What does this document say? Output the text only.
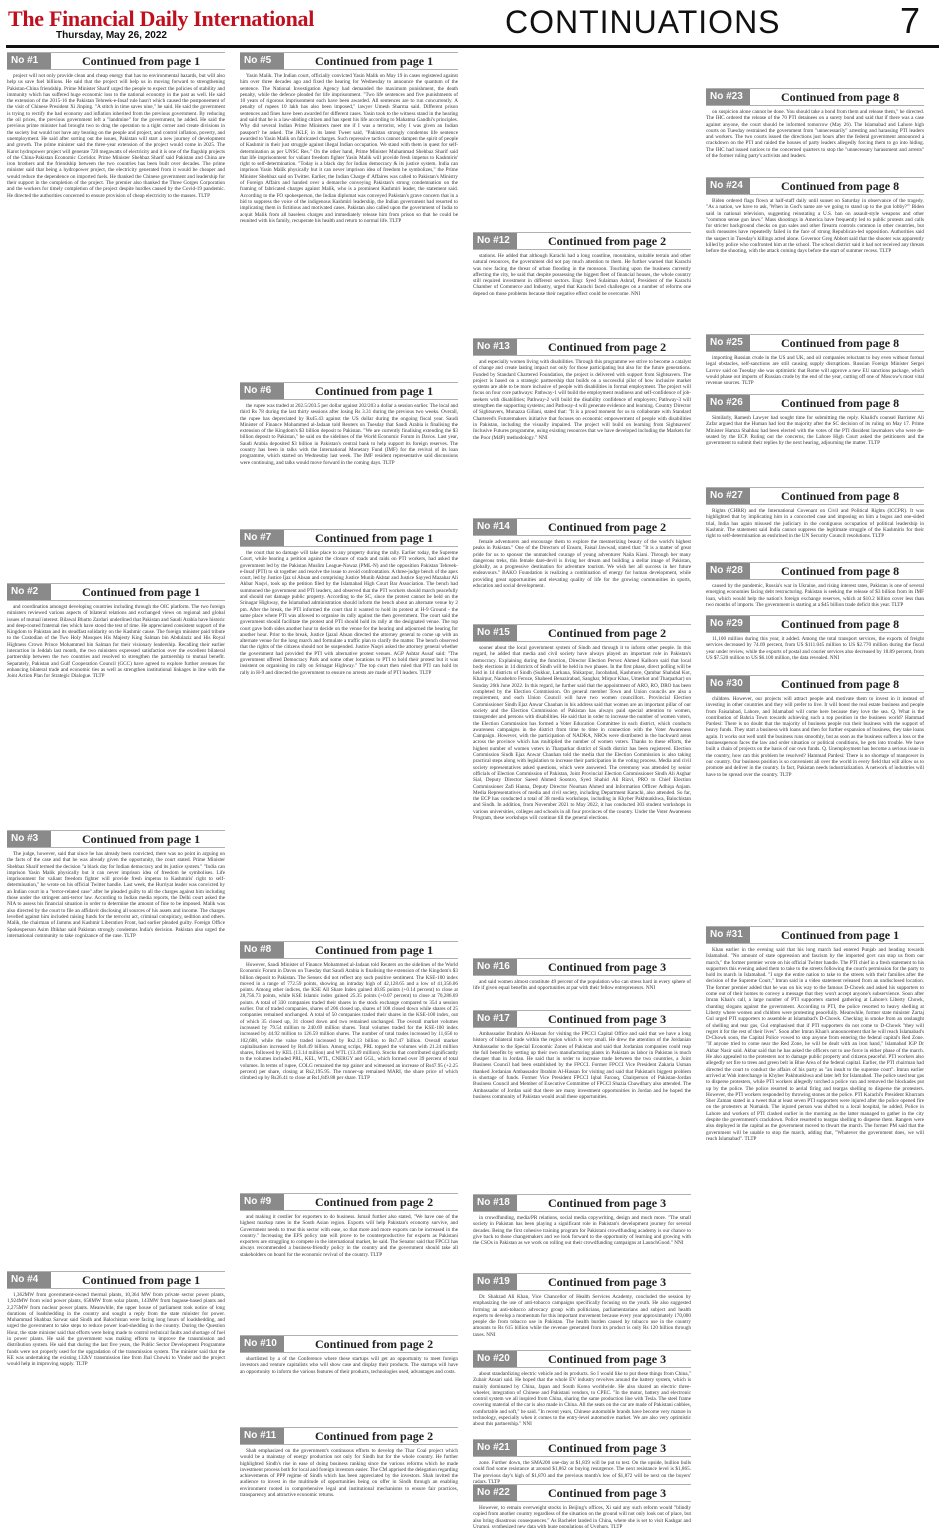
The Financial Daily International
Thursday, May 26, 2022	CONTINUATIONS	7
No #1	Continued from page 1
project will not only provide clean and cheap energy that has no environmental hazards, but will also help us save fuel billions. He said that the project will help us in moving forward to strengthening Pakistan-China friendship. Prime Minister Sharif urged the people to expect the policies of stability and immunity which has suffered huge economic loss to the national economy in the past as well. He said the extension of the 2015-16 the Pakistan Tehreek-e-Insaf rule hasn't which caused the postponement of the visit of Chinese President Xi Jinping. "A stitch in time saves nine," he said. He said the government is trying to rectify the bad economy and inflation inherited from the previous government. By reducing the oil prices, the previous government left a "landmine" for the government, he added. He said the previous prime minister had brought two to drag the operation to a tight corner and create divisions in the society but would not have any bearing on the people and project, and control inflation, poverty, and unemployment. He said after sorting out the issues, Pakistan will start a new journey of development and growth. The prime minister said the three-year extension of the project would come in 2025. The Karot hydropower project will generate 720 megawatts of electricity and it is one of the flagship projects of the China-Pakistan Economic Corridor. Prime Minister Shehbaz Sharif said Pakistan and China are iron brothers and the friendship between the two countries has been built over decades. The prime minister said that being a hydropower project, the electricity generated from it would be cheaper and would reduce the dependence on imported fuels. He thanked the Chinese government and leadership for their support in the completion of the project. The premier also thanked the Three Gorges Corporation and the workers for timely completion of the project despite hurdles caused by the Covid-19 pandemic. He directed the authorities concerned to ensure provision of cheap electricity to the masses. TLTP
No #2	Continued from page 1
and coordination amongst developing countries including through the OIC platform. The two foreign ministers reviewed various aspects of bilateral relations and exchanged views on regional and global issues of mutual interest. Bilawal Bhutto Zardari underlined that Pakistan and Saudi Arabia have historic and deep-rooted fraternal ties which have stood the test of time. He appreciated consistent support of the Kingdom to Pakistan and its steadfast solidarity on the Kashmir cause. The foreign minister paid tribute to the Custodian of the Two Holy Mosques His Majesty King Salman bin Abdulaziz and His Royal Highness Crown Prince Mohammed bin Salman for their visionary leadership. Recalling their earlier interaction in Jeddah last month, the two ministers expressed satisfaction over the excellent bilateral partnership between the two countries and resolved to strengthen the partnership to mutual benefit. Separately, Pakistan and Gulf Cooperation Council (GCC) have agreed to explore further avenues for enhancing bilateral trade and economic ties as well as strengthen institutional linkages in line with the Joint Action Plan for Strategic Dialogue. TLTP
No #3	Continued from page 1
The judge, however, said that since he has already been convicted, there was no point in arguing on the facts of the case and that he was already given the opportunity, the court stated. Prime Minister Shehbaz Sharif termed the decision "a black day for Indian democracy and its justice system." "India can imprison Yasin Malik physically but it can never imprison idea of freedom he symbolises. Life imprisonment for valiant freedom fighter will provide fresh impetus to Kashmiris' right to self-determination," he wrote on his official Twitter handle. Last week, the Hurriyat leader was convicted by an Indian court in a "terror-related case" after he pleaded guilty to all the charges against him including those under the stringent anti-terror law. According to Indian media reports, the Delhi court asked the NIA to assess his financial situation in order to determine the amount of fine to be imposed. Malik was also directed by the court to file an affidavit disclosing all sources of his assets and income. The charges levelled against him included raising funds for the terrorist act, criminal conspiracy, sedition and others. Malik, the chairman of Jammu and Kashmir Liberation Front, had earlier pleaded guilty. Foreign Office Spokesperson Asim Iftikhar said Pakistan strongly condemns India's decision. Pakistan also urged the international community to take cognizance of the case. TLTP
No #4	Continued from page 1
1,362MW from government-owned thermal plants, 10,364 MW from private sector power plants, 1,924MW from wind power plants, 658MW from solar plants, 143MW from bagasse-based plants and 2,275MW from nuclear power plants. Meanwhile, the upper house of parliament took notice of long durations of loadshedding in the country and sought a reply from the state minister for power. Muhammad Shahbaz Sarwar said Sindh and Balochistan were facing long hours of loadshedding, and urged the government to take steps to reduce power load-shedding in the country. During the Question Hour, the state minister said that efforts were being made to control technical faults and shortage of fuel in power plants. He said the government was making efforts to improve the transmission and distribution system. He said that during the last five years, the Public Sector Development Programme funds were not properly used for the upgradation of the transmission system. The minister said that the KE was undertaking the existing 132kV transmission line from Jhal Chowki to Vinder and the project would help in improving supply. TLTP
No #5	Continued from page 1
Yasin Malik. The Indian court, officially convicted Yasin Malik on May 19 in cases registered against him over three decades ago and fixed the hearing for Wednesday to announce the quantum of the sentence. The National Investigation Agency had demanded the maximum punishment, the death penalty, while the defence pleaded for life imprisonment. "Two life sentences and five punishments of 10 years of rigorous imprisonment each have been awarded. All sentences are to run concurrently. A penalty of rupees 10 lakh has also been imposed," lawyer Umesh Sharma said. Different prison sentences and fines have been awarded for different cases. Yasin took to the witness stand in the hearing and said that he is a law-abiding citizen and has spent his life according to Mahatma Gandhi's principles. Why did several Indian Prime Ministers meet me if I was a terrorist, why I was given an Indian passport? he asked. The JKLF, in its latest Tweet said, "Pakistan strongly condemns life sentence awarded to Yasin Malik on fabricated charges. Such repressive tactics cannot dampen the spirit of people of Kashmir in their just struggle against illegal Indian occupation. We stand with them in quest for self-determination as per UNSC Res." On the other hand, Prime Minister Muhammad Shehbaz Sharif said that life imprisonment for valiant freedom fighter Yasin Malik will provide fresh impetus to Kashmiris' right to self-determination. "Today is a black day for Indian democracy & its justice system. India can imprison Yasin Malik physically but it can never imprison idea of freedom he symbolizes," the Prime Minister Shehbaz said on Twitter. Earlier, the Indian Charge d' Affaires was called to Pakistan's Ministry of Foreign Affairs and handed over a demarche conveying Pakistan's strong condemnation on the framing of fabricated charges against Malik, who is a prominent Kashmiri leader, the statement said. According to the FO spokesperson, the Indian diplomat was conveyed Pakistan's grave concern that in a bid to suppress the voice of the indigenous Kashmiri leadership, the Indian government had resorted to implicating them in fictitious and motivated cases. Pakistan also called upon the government of India to acquit Malik from all baseless charges and immediately release him from prison so that he could be reunited with his family, recuperate his health and return to normal life. TLTP
No #6	Continued from page 1
the rupee was traded at 202.5/203.5 per dollar against 202/203 a dollar a session earlier. The local and third Rs 78 during the last thirty sessions after losing Rs 3.31 during the previous two weeks. Overall, the rupee has depreciated by Rs45.43 against the US dollar during the ongoing fiscal year. Saudi Minister of Finance Mohammed al-Jadaan told Reuters on Tuesday that Saudi Arabia is finalising the extension of the Kingdom's $3 billion deposit to Pakistan. "We are currently finalising extending the $3 billion deposit to Pakistan," he said on the sidelines of the World Economic Forum in Davos. Last year, Saudi Arabia deposited $3 billion in Pakistan's central bank to help support its foreign reserves. The country has been in talks with the International Monetary Fund (IMF) for the revival of its loan programme, which started on Wednesday last week. The IMF resident representative said discussions were continuing, and talks would move forward in the coming days. TLTP
No #7	Continued from page 1
the court that no damage will take place to any property during the rally. Earlier today, the Supreme Court, while hearing a petition against the closure of roads and raids on PTI workers, had asked the government led by the Pakistan Muslim League-Nawaz (PML-N) and the opposition Pakistan Tehreek-e-Insaf (PTI) to sit together and resolve the issue to avoid confrontation. A three-judge bench of the apex court, led by Justice Ijaz ul Ahsan and comprising Justice Munib Akhtar and Justice Sayyed Mazahar Ali Akbar Naqvi, took up the petition filed by the Islamabad High Court Bar Association. The bench had summoned the government and PTI leaders, and observed that the PTI workers should march peacefully and should not damage public property. According to the SC, since the protest cannot be held on the Srinagar Highway, the Islamabad administration should inform the bench about an alternate venue by 2 pm. After the break, the PTI informed the court that it wanted to hold its protest at H-9 Ground - the same place where PTI was allowed to organise its rally against the then government. The court said the government should facilitate the protest and PTI should hold its rally at the designated venue. The top court gave both sides another hour to decide on the venue for the hearing and adjourned the hearing for another hour. Prior to the break, Justice Ijazul Ahsan directed the attorney general to come up with an alternate venue for the long march and formulate a traffic plan to clarify the matter. The bench observed that the rights of the citizens should not be suspended. Justice Naqvi asked the attorney general whether the government had provided the PTI with alternative protest venues. AGP Ashtar Ausaf said: "The government offered Democracy Park and some other locations to PTI to hold their protest but it was insistent on organising its rally on Srinagar Highway." The top court then ruled that PTI can hold its rally in H-9 and directed the government to ensure no arrests are made of PTI leaders. TLTP
No #8	Continued from page 1
However, Saudi Minister of Finance Mohammed al-Jadaan told Reuters on the sidelines of the World Economic Forum in Davos on Tuesday that Saudi Arabia is finalising the extension of the Kingdom's $3 billion deposit to Pakistan. The Sensex did not reflect any such positive sentiment. The KSE-100 index moved in a range of 772.59 points, showing an intraday high of 42,128.65 and a low of 41,356.06 points. Among other indices, the KSE All Share Index gained 40.85 points (+0.14 percent) to close at 28,756.73 points, while KSE Islamic index gained 25.35 points (+0.07 percent) to close at 70,286.69 points. A total of 330 companies traded their shares in the stock exchange compared to 354 a session earlier. Out of traded companies, shares of 206 closed up, shares of 108 closed down while shares of 25 companies remained unchanged. A total of 50 companies traded their shares in the KSE-100 index, out of which 35 closed up, 31 closed down and two remained unchanged. The overall market volumes increased by 79.54 million to 240.69 million shares. Total volumes traded for the KSE-100 index increased by 44.92 million to 126.59 million shares. The number of total trades increased by 11,656 to 102,688, while the value traded increased by Rs2.13 billion to Rs7.47 billion. Overall market capitalisation increased by Rs8.49 billion. Among scrips, PRL topped the volumes with 21.24 million shares, followed by KEL (13.14 million) and WTL (13.49 million). Stocks that contributed significantly to the volumes included PRL, KEL, WTL, CNERGY and GGL, which formed over 39 percent of total volumes. In terms of rupee, COLG remained the top gainer and witnessed an increase of Rs47.95 (+2.25 percent) per share, closing at Rs2,195.95. The runner-up remained MARI, the share price of which climbed up by Rs26.41 to close at Rs1,849.88 per share. TLTP
No #9	Continued from page 2
and making it costlier for exporters to do business. Ismail further also stated, "We have one of the highest markup rates in the South Asian region. Exports will help Pakistan's economy survive, and Government needs to treat this sector with ease, so that more and more exports can be increased in the country." Increasing the EFS policy rate will prove to be counterproductive for exports as Pakistani exporters are struggling to compete in the international market, he said. The Senator said that FPCCI has always recommended a business-friendly policy in the country and the government should take all stakeholders on board for the economic revival of the country. TLTP
No #10	Continued from page 2
shortlisted by a of the Conference where these startups will get an opportunity to meet foreign investors and venture capitalists who will show case and display their products. The startups will have an opportunity to inform the various features of their products, technologies used, advantages and costs.
No #11	Continued from page 2
Shah emphasized on the government's continuous efforts to develop the Thar Coal project which would be a mainstay of energy production not only for Sindh but for the whole country. He further highlighted Sindh's rise in ease of doing business ranking since the various reforms which he made investment process both for local and foreign investors easier. The CM apprised the delegation regarding achievements of PPP regime of Sindh which has been appreciated by the investors. Shah invited the audience to invest in the multitude of opportunities being on offer in Sindh through an enabling environment rooted in comprehensive legal and institutional mechanisms to ensure fair practices, transparency and attractive economic returns.
No #12	Continued from page 2
stations. He added that although Karachi had a long coastline, mountains, suitable terrain and other natural resources, the government did not pay much attention to them. He further warned that Karachi was now facing the threat of urban flooding in the monsoon. Touching upon the business currently affecting the city, he said that despite possessing the biggest fleet of financial houses, the whole country still required investment in different sectors. Engr. Syed Sulaiman Ashraf, President of the Karachi Chamber of Commerce and Industry, urged that Karachi faced challenges on a number of reforms one depend on those problems because their negative effect could be overcome. NNI
No #13	Continued from page 2
and especially women living with disabilities. Through this programme we strive to become a catalyst of change and create lasting impact not only for those participating but also for the future generations. Funded by Standard Chartered Foundation, the project is delivered with support from Sightsavers. The project is based on a strategic partnership that builds on a successful pilot of how inclusive market systems are able to be more inclusive of people with disabilities in formal employment. The project will focus on four core pathways: Pathway-1 will build the employment readiness and self-confidence of job-seekers with disabilities; Pathway-2 will build the disability confidence of employers; Pathway-3 will strengthen the supporting systems; and Pathway-4 will generate evidence and learning. Country Director of Sightsavers, Munazza Gillani, stated that: "It is a proud moment for us to collaborate with Standard Chartered's Futuremakers initiative that focuses on economic empowerment of people with disabilities in Pakistan, including the visually impaired. The project will build on learning from Sightsavers' Inclusive Futures programme, using existing resources that we have developed including the Markets for the Poor (M4P) methodology." NNI
No #14	Continued from page 2
female adventurers and encourage them to explore the mesmerizing beauty of the world's highest peaks in Pakistan." One of the Directors of Ensom, Faisal Jawwad, stated that: "It is a matter of great pride for us to sponsor the unmatched courage of young adventurer Naila Kiani. Through her many dangerous treks, this female dare-devil is living her dream and building a stellar image of Pakistan, globally, as a progressive destination for adventure tourism. We wish her all success in her future endeavours." BAKO Foundation is realizing a combination of energy for human development, while providing great opportunities and elevating quality of life for the growing communities in sports, education and social development.
No #15	Continued from page 2
sooner about the local government system of Sindh and through it to inform other people. In this regard, he added that media and civil society have always played an important role in Pakistan's democracy. Explaining during the function, Director Election Pervez Ahmed Kalhoro said that local body elections in 14 districts of Sindh will be held in two phases. In the first phase, direct polling will be held in 14 districts of Sindh (Sukkur, Larkana, Shikarpur, Jacobabad, Kashmore, Qambar Shahdad Kot, Khairpur, Naushehro Feroze, Shaheed Benazirabad, Sanghar, Mirpur Khas, Umerkot and Tharparkar) on Sunday 26th June 2022. In this regard, he further said that the appointment of ARO, RO, DRO has been completed by the Election Commission. On general member Town and Union councils are also a requirement, and each Union Council will have two women councillors. Provincial Election Commissioner Sindh Ejaz Anwar Chauhan in his address said that women are an important pillar of our society and the Election Commission of Pakistan has always paid special attention to women, transgender and persons with disabilities. He said that in order to increase the number of women voters, the Election Commission has formed a Voter Education Committee in each district, which conducts awareness campaigns in the district from time to time in connection with the Voter Awareness Campaign. However, with the participation of NADRA, NROs were distributed in the backward areas across the province which has multiplied the number of women voters. Thanks to these efforts, the highest number of women voters in Tharparkar district of Sindh district has been registered. Election Commission Sindh Ejaz Anwar Chauhan told the media that the Election Commission is also taking practical steps along with legislation to increase their participation in the voting process. Media and civil society representatives asked questions, which were answered. The ceremony was attended by senior officials of Election Commission of Pakistan, Joint Provincial Election Commissioner Sindh Ali Asghar Sial, Deputy Director Saeed Ahmed Soomro, Syed Shahid Ali Rizvi, PRO to Chief Election Commissioner Zafi Hanna, Deputy Director Nouman Ahmed and Information Officer Adhiqa Anjam. Media Representatives of media and civil society, including Department Karachi, also attended. So far, the ECP has conducted a total of 38 media workshops, including in Khyber Pakhtunkhwa, Balochistan and Sindh. In addition, from November 2021 to May 2022, it has conducted 303 student workshops in various universities, colleges and schools in all four provinces of the country. Under the Voter Awareness Program, these workshops will continue till the general elections.
No #16	Continued from page 3
and said women almost constitute 49 percent of the population who can stress hard in every sphere of life if given equal benefits and opportunities at par with their fellow entrepreneurs. NNI
No #17	Continued from page 3
Ambassador Ibrahim Al-Hassan for visiting the FPCCI Capital Office and said that we have a long history of bilateral trade within the region which is very small. He drew the attention of the Jordanian Ambassador to the Special Economic Zones of Pakistan and said that Jordanian companies could reap the full benefits by setting up their own manufacturing plants in Pakistan as labor in Pakistan is much cheaper than in Jordan. He said that in order to increase trade between the two countries, a Joint Business Council had been established by the FPCCI. Former FPCCI Vice President Zakaria Usman thanked Jordanian Ambassador Ibrahim Al-Hassan for visiting and said that Pakistan's biggest problem is shortage of funds. Former Vice President FPCCI Iqbal Farooq, Chairperson of Pakistan-Jordan Business Council and Member of Executive Committee of FPCCI Shazia Chawdhary also attended. The Ambassador of Jordan said that there are many investment opportunities in Jordan and he hoped the business community of Pakistan would avail these opportunities.
No #18	Continued from page 3
in crowdfunding, media/PR relations, social media copywriting, design and much more. "The small society in Pakistan has been playing a significant role in Pakistan's development journey for several decades. Being the first cohesive training program for Pakistani crowdfunding academy is our chance to give back to those changemakers and we look forward to the opportunity of learning and growing with the CSOs in Pakistan as we work on rolling out their crowdfunding campaigns at LaunchGood." NNI
No #19	Continued from page 3
Dr. Shahzad Ali Khan, Vice Chancellor of Health Services Academy, concluded the session by emphasizing the use of anti-tobacco campaigns specifically focusing on the youth. He also suggested forming an anti-tobacco advocacy group with politicians, parliamentarians and subject and health experts to develop a momentum for this important movement because every year approximately 170,000 people die from tobacco use in Pakistan. The health burden caused by tobacco use in the country amounts to Rs 615 billion while the revenue generated from its product is only Rs 120 billion through taxes. NNI
No #20	Continued from page 3
about standardizing electric vehicle and its products. So I would like to put these things from China," Zubair Ansari said. He hoped that the whole EV industry revolves around the battery system, which is mainly dominated by China, Japan and South Korea worldwide. He also shared an electric three-wheeler, integration of Chinese and Pakistani vendors, to CPEC. "In the motor, battery and electronic control system we all inspired from China, sharing the same production line with Tesla. The steel frame covering material of the car is also made in China. All the seats on the car are made of Pakistani cabbies, comfortable and soft," he said. "In recent years, Chinese automobile brands have become very mature in technology, especially when it comes to the entry-level automotive market. We are also very optimistic about this partnership." NNI
No #21	Continued from page 3
zone. Further down, the SMA200 one-day at $1,839 will be put to test. On the upside, bullion bulls could find some resistance at around $1,862 on buying resurgence. The next resistance level is $1,865. The previous day's high of $1,870 and the previous month's low of $1,872 will be next on the buyers' radars. TLTP
No #22	Continued from page 3
However, to remain overweight stocks in Beijing's offices, Xi said any such reform would "blindly copied from another country regardless of the situation on the ground will not only look out of place, but also bring disastrous consequences." As Bachelet landed in China, where she is set to visit Kashgar and Urumqi, synthesized new data with huge populations of Uyghurs. TLTP
No #23	Continued from page 8
on suspicion alone cannot be done. You should take a bond from them and release them," he directed. The IHC ordered the release of the 70 PTI detainees on a surety bond and said that if there was a case against anyone, the court should be informed tomorrow (May 26). The Islamabad and Lahore high courts on Tuesday restrained the government from "unnecessarily" arresting and harassing PTI leaders and workers. The two courts issued the directions just hours after the federal government announced a crackdown on the PTI and raided the houses of party leaders allegedly forcing them to go into hiding. The IHC had issued notices to the concerned quarters to stop the "unnecessary harassment and arrests" of the former ruling party's activists and leaders.
No #24	Continued from page 8
Biden ordered flags flown at half-staff daily until sunset on Saturday in observance of the tragedy. "As a nation, we have to ask, 'When in God's name are we going to stand up to the gun lobby?'" Biden said in national television, suggesting reinstating a U.S. ban on assault-style weapons and other "common sense gun laws." Mass shootings in America have frequently led to public protests and calls for stricter background checks on gun sales and other firearm controls common in other countries, but such measures have repeatedly failed in the face of strong Republican-led opposition. Authorities said the suspect in Tuesday's killings acted alone. Governor Greg Abbott said that the shooter was apparently killed by police who confronted him at the school. The school district said it had not received any threats before the shooting, with the attack coming days before the start of summer recess. TLTP
No #25	Continued from page 8
importing Russian crude in the US and UK, and oil companies reluctant to buy even without formal legal obstacles, self-sanctions are still causing supply disruptions. Russian Foreign Minister Sergei Lavrov said on Tuesday she was optimistic that Rome will approve a new EU sanctions package, which would phase out imports of Russian crude by the end of the year, cutting off one of Moscow's most vital revenue sources. TLTP
No #26	Continued from page 8
Similarly, Ramesh Lawyer had sought time for submitting the reply. Khalid's counsel Barrister Ali Zafar argued that the Human had lost the majority after the SC decision of its ruling on May 17. Prime Minister Hamza Shahbaz had been elected with the votes of the PTI dissident lawmakers who were de-seated by the ECP. Ruling out the concerns, the Lahore High Court asked the petitioners and the government to submit their replies by the next hearing, adjourning the matter. TLTP
No #27	Continued from page 8
Rights (CHRR) and the International Covenant on Civil and Political Rights (ICCPR). It was highlighted that by implicating him in a concocted case and imposing on him a bogus and one-sided trial, India has again misused the judiciary in the contiguous occupation of political leadership in Kashmir. The statement said India cannot suppress the legitimate struggle of the Kashmiris for their right to self-determination as enshrined in the UN Security Council resolutions. TLTP
No #28	Continued from page 8
caused by the pandemic, Russia's war in Ukraine, and rising interest rates, Pakistan is one of several emerging economies facing debt restructuring. Pakistan is seeking the release of $3 billion from its IMF loan, which would help the nation's foreign exchange reserves, which at $10.2 billion cover less than two months of imports. The government is starting at a $45 billion trade deficit this year. TLTP
No #29	Continued from page 8
11,100 million during this year, it added. Among the total transport services, the exports of freight services decreased by 74.69 percent, from US $111.045 million to US $2.770 million during the fiscal year under review, while the exports of postal and courier services also decreased by 18.89 percent, from US $7.520 million to US $6.100 million, the data revealed. NNI
No #30	Continued from page 8
children. However, our projects will attract people and motivate them to invest in it instead of investing in other countries and they will prefer to live. It will boost the real estate business and people from Faisalabad, Lahore, and Islamabad will come here because they love the sea. Q. What is the contribution of Bahria Town towards achieving such a top position in the business world? Hammad Pardesi: There is no doubt that the majority of business people run their business with the support of heavy funds. They start a business with loans and then for further expansion of business, they take loans again. It works out well until the business runs smoothly, but as soon as the business suffers a loss or the businessperson faces the law and order situation or political conditions, he gets into trouble. We have built a chain of projects on the basis of our own funds. Q. Unemployment has become a serious issue in the country, how can this problem be resolved? Hammad Pardesi: There is no shortage of manpower in our country. Our business position is so convenient all over the world in every field that will allow us to promote and deliver in the country. In fact, Pakistan needs industrialization. A network of industries will have to be spread over the country. TLTP
No #31	Continued from page 1
Khan earlier in the evening said that his long march had entered Punjab and heading towards Islamabad. "No amount of state oppression and fascism by the imported govt can stop us from our march," the former premier wrote on his official Twitter handle. The PTI chief in a fresh statement to his supporters this evening asked them to take to the streets following the court's permission for the party to hold its march in Islamabad. "I urge the entire nation to take to the streets with their families after the decision of the Supreme Court," Imran said in a video statement released from an undisclosed location. The former premier added that he was on his way to the famous D-Chowk and asked his supporters to come out of their homes to convey a message that they won't accept anyone's subservience. Soon after Imran Khan's call, a large number of PTI supporters started gathering at Lahore's Liberty Chowk, chanting slogans against the government. According to PTI, the police resorted to heavy shelling at Liberty where women and children were protesting peacefully. Meanwhile, former state minister Zartaj Gul urged PTI supporters to assemble at Islamabad's D-Chowk. Checking in smoke from an onslaught of shelling and tear gas, Gul emphasised that if PTI supporters do not come to D-Chowk "they will regret it for the rest of their lives". Soon after Imran Khan's announcement that he will reach Islamabad's D-Chowk soon, the Capital Police vowed to stop anyone from entering the federal capital's Red Zone. "If anyone tried to come near the Red Zone, he will be dealt with an iron hand," Islamabad IGP Dr Akbar Nasir said. Akbar said that he has asked the officers not to use force in either phase of the march. He also appealed to the protesters not to damage public property and citizens peaceful. PTI workers also allegedly set fire to trees and green belt in Blue Area of the federal capital. Earlier, the PTI chairman had directed the court to conduct the affairs of his party as "an insult to the supreme court". Imran earlier arrived at Wah interchange in Khyber Pakhtunkhwa and later left for Islamabad. The police used tear gas to disperse protesters, while PTI workers allegedly torched a police van and removed the blockades put up by the police. The police resorted to aerial firing and teargas shelling to disperse the protesters. However, the PTI workers responded by throwing stones at the police. PTI Karachi's President Khurram Sher Zaman stated in a tweet that at least seven PTI supporters were injured after the police opened fire on the protesters at Numaish. The injured person was shifted to a local hospital, he added. Police in Lahore and workers of PTI clashed earlier in the morning as the latter managed to gather in the city despite the government's crackdown. Police resorted to teargas shelling to disperse them. Rangers were also deployed in the capital as the government moved to thwart the march. The former PM said that the government will be unable to stop the march, adding that, "Whatever the government does, we will reach Islamabad". TLTP
